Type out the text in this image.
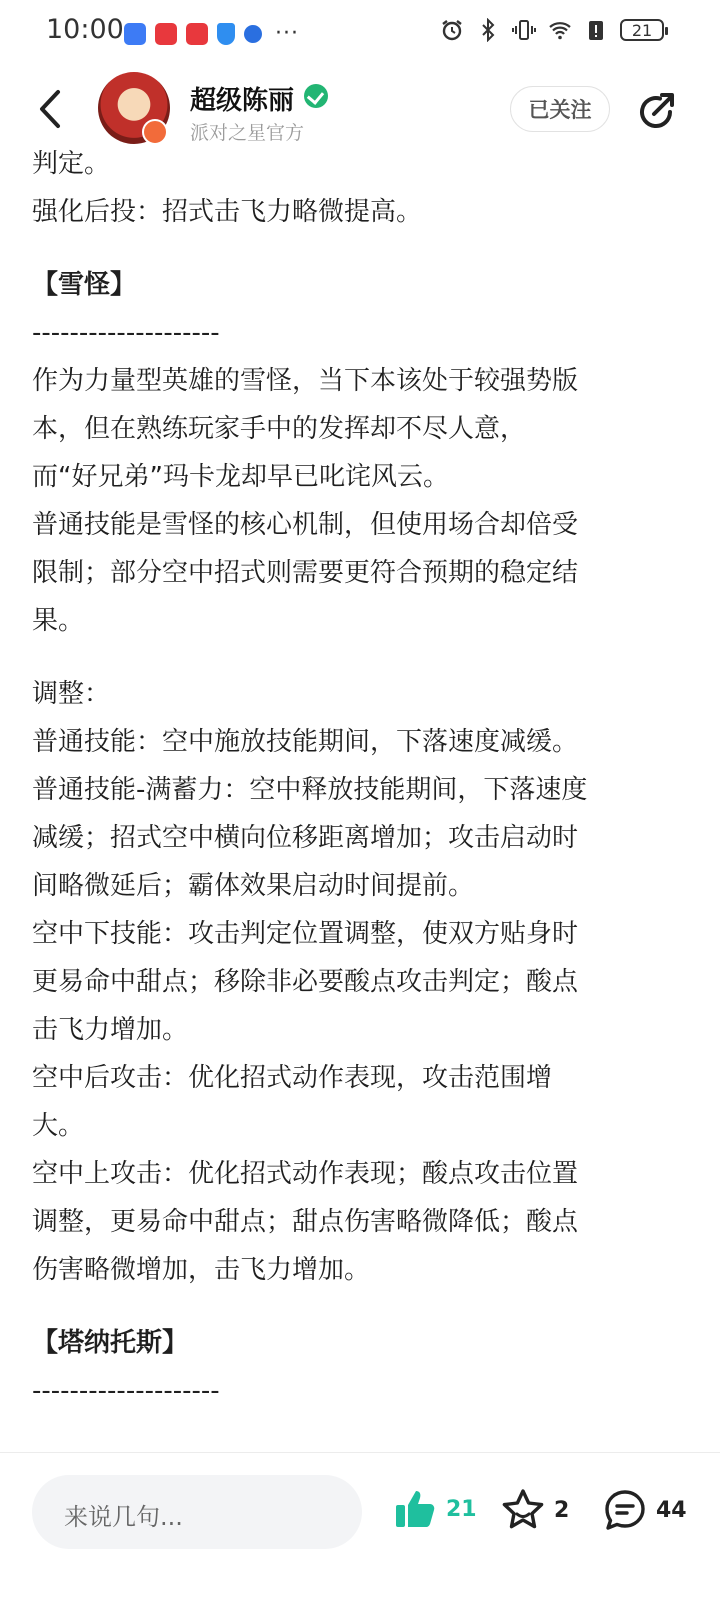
10:00	···	21
超级陈丽
派对之星官方
已关注
判定。
强化后投：招式击飞力略微提高。
【雪怪】
--------------------
作为力量型英雄的雪怪，当下本该处于较强势版
本，但在熟练玩家手中的发挥却不尽人意，
而“好兄弟”玛卡龙却早已叱诧风云。
普通技能是雪怪的核心机制，但使用场合却倍受
限制；部分空中招式则需要更符合预期的稳定结
果。
调整：
普通技能：空中施放技能期间，下落速度减缓。
普通技能-满蓄力：空中释放技能期间，下落速度
减缓；招式空中横向位移距离增加；攻击启动时
间略微延后；霸体效果启动时间提前。
空中下技能：攻击判定位置调整，使双方贴身时
更易命中甜点；移除非必要酸点攻击判定；酸点
击飞力增加。
空中后攻击：优化招式动作表现，攻击范围增
大。
空中上攻击：优化招式动作表现；酸点攻击位置
调整，更易命中甜点；甜点伤害略微降低；酸点
伤害略微增加，击飞力增加。
【塔纳托斯】
--------------------
来说几句...	21	2	44
